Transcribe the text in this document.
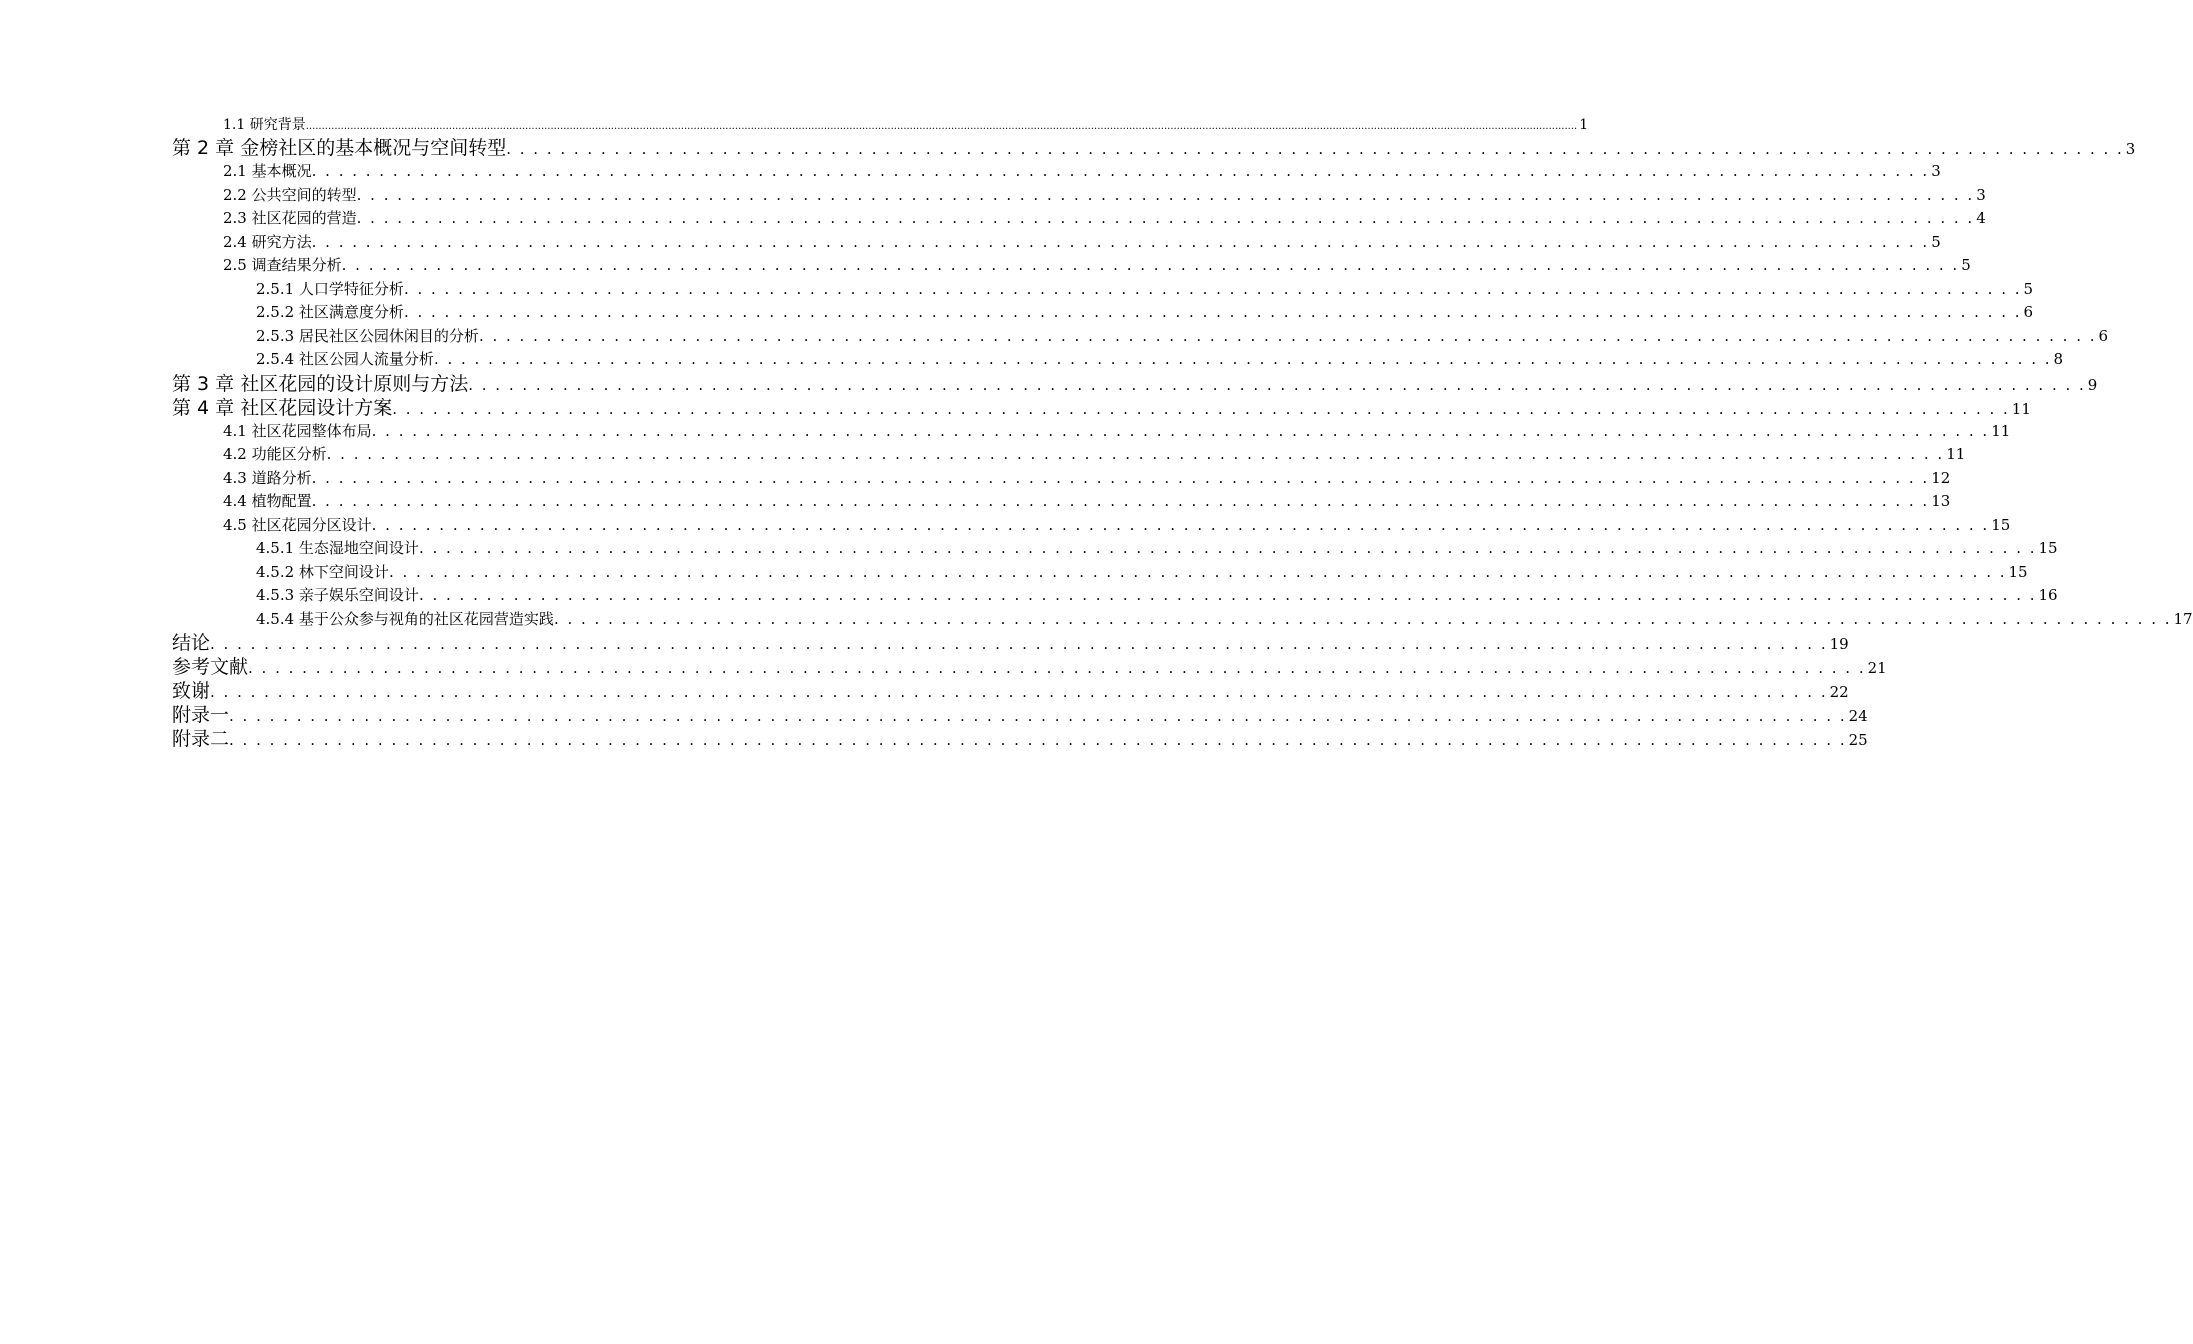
1.1 研究背景 ................................................................................................................................................................................................................................................................................................................................................................................................................ 1
第 2 章 金榜社区的基本概况与空间转型 . . . . . . . . . . . . . . . . . . . . . . . . . . . . . . . . . . . . . . . . . . . . . . . . . . . . . . . . . . . . . . . . . . . . . . . . . . . . . . . . . . . . . . . . . . . . . . . . . . . . . . . . . . . . . . . . . . . . . . . . 3
2.1 基本概况 . . . . . . . . . . . . . . . . . . . . . . . . . . . . . . . . . . . . . . . . . . . . . . . . . . . . . . . . . . . . . . . . . . . . . . . . . . . . . . . . . . . . . . . . . . . . . . . . . . . . . . . . . . . . . . . . . . . . . . . . 3
2.2 公共空间的转型 . . . . . . . . . . . . . . . . . . . . . . . . . . . . . . . . . . . . . . . . . . . . . . . . . . . . . . . . . . . . . . . . . . . . . . . . . . . . . . . . . . . . . . . . . . . . . . . . . . . . . . . . . . . . . . . . . . . . . . . . 3
2.3 社区花园的营造 . . . . . . . . . . . . . . . . . . . . . . . . . . . . . . . . . . . . . . . . . . . . . . . . . . . . . . . . . . . . . . . . . . . . . . . . . . . . . . . . . . . . . . . . . . . . . . . . . . . . . . . . . . . . . . . . . . . . . . . . 4
2.4 研究方法 . . . . . . . . . . . . . . . . . . . . . . . . . . . . . . . . . . . . . . . . . . . . . . . . . . . . . . . . . . . . . . . . . . . . . . . . . . . . . . . . . . . . . . . . . . . . . . . . . . . . . . . . . . . . . . . . . . . . . . . . 5
2.5 调查结果分析 . . . . . . . . . . . . . . . . . . . . . . . . . . . . . . . . . . . . . . . . . . . . . . . . . . . . . . . . . . . . . . . . . . . . . . . . . . . . . . . . . . . . . . . . . . . . . . . . . . . . . . . . . . . . . . . . . . . . . . . . 5
2.5.1 人口学特征分析 . . . . . . . . . . . . . . . . . . . . . . . . . . . . . . . . . . . . . . . . . . . . . . . . . . . . . . . . . . . . . . . . . . . . . . . . . . . . . . . . . . . . . . . . . . . . . . . . . . . . . . . . . . . . . . . . . . . . . . . . 5
2.5.2 社区满意度分析 . . . . . . . . . . . . . . . . . . . . . . . . . . . . . . . . . . . . . . . . . . . . . . . . . . . . . . . . . . . . . . . . . . . . . . . . . . . . . . . . . . . . . . . . . . . . . . . . . . . . . . . . . . . . . . . . . . . . . . . . 6
2.5.3 居民社区公园休闲目的分析 . . . . . . . . . . . . . . . . . . . . . . . . . . . . . . . . . . . . . . . . . . . . . . . . . . . . . . . . . . . . . . . . . . . . . . . . . . . . . . . . . . . . . . . . . . . . . . . . . . . . . . . . . . . . . . . . . . . . . . . . 6
2.5.4 社区公园人流量分析 . . . . . . . . . . . . . . . . . . . . . . . . . . . . . . . . . . . . . . . . . . . . . . . . . . . . . . . . . . . . . . . . . . . . . . . . . . . . . . . . . . . . . . . . . . . . . . . . . . . . . . . . . . . . . . . . . . . . . . . . 8
第 3 章 社区花园的设计原则与方法 . . . . . . . . . . . . . . . . . . . . . . . . . . . . . . . . . . . . . . . . . . . . . . . . . . . . . . . . . . . . . . . . . . . . . . . . . . . . . . . . . . . . . . . . . . . . . . . . . . . . . . . . . . . . . . . . . . . . . . . . 9
第 4 章 社区花园设计方案 . . . . . . . . . . . . . . . . . . . . . . . . . . . . . . . . . . . . . . . . . . . . . . . . . . . . . . . . . . . . . . . . . . . . . . . . . . . . . . . . . . . . . . . . . . . . . . . . . . . . . . . . . . . . . . . . . . . . . . . . 11
4.1 社区花园整体布局 . . . . . . . . . . . . . . . . . . . . . . . . . . . . . . . . . . . . . . . . . . . . . . . . . . . . . . . . . . . . . . . . . . . . . . . . . . . . . . . . . . . . . . . . . . . . . . . . . . . . . . . . . . . . . . . . . . . . . . . . 11
4.2 功能区分析 . . . . . . . . . . . . . . . . . . . . . . . . . . . . . . . . . . . . . . . . . . . . . . . . . . . . . . . . . . . . . . . . . . . . . . . . . . . . . . . . . . . . . . . . . . . . . . . . . . . . . . . . . . . . . . . . . . . . . . . . 11
4.3 道路分析 . . . . . . . . . . . . . . . . . . . . . . . . . . . . . . . . . . . . . . . . . . . . . . . . . . . . . . . . . . . . . . . . . . . . . . . . . . . . . . . . . . . . . . . . . . . . . . . . . . . . . . . . . . . . . . . . . . . . . . . . 12
4.4 植物配置 . . . . . . . . . . . . . . . . . . . . . . . . . . . . . . . . . . . . . . . . . . . . . . . . . . . . . . . . . . . . . . . . . . . . . . . . . . . . . . . . . . . . . . . . . . . . . . . . . . . . . . . . . . . . . . . . . . . . . . . . 13
4.5 社区花园分区设计 . . . . . . . . . . . . . . . . . . . . . . . . . . . . . . . . . . . . . . . . . . . . . . . . . . . . . . . . . . . . . . . . . . . . . . . . . . . . . . . . . . . . . . . . . . . . . . . . . . . . . . . . . . . . . . . . . . . . . . . . 15
4.5.1 生态湿地空间设计 . . . . . . . . . . . . . . . . . . . . . . . . . . . . . . . . . . . . . . . . . . . . . . . . . . . . . . . . . . . . . . . . . . . . . . . . . . . . . . . . . . . . . . . . . . . . . . . . . . . . . . . . . . . . . . . . . . . . . . . . 15
4.5.2 林下空间设计 . . . . . . . . . . . . . . . . . . . . . . . . . . . . . . . . . . . . . . . . . . . . . . . . . . . . . . . . . . . . . . . . . . . . . . . . . . . . . . . . . . . . . . . . . . . . . . . . . . . . . . . . . . . . . . . . . . . . . . . . 15
4.5.3 亲子娱乐空间设计 . . . . . . . . . . . . . . . . . . . . . . . . . . . . . . . . . . . . . . . . . . . . . . . . . . . . . . . . . . . . . . . . . . . . . . . . . . . . . . . . . . . . . . . . . . . . . . . . . . . . . . . . . . . . . . . . . . . . . . . . 16
4.5.4 基于公众参与视角的社区花园营造实践 . . . . . . . . . . . . . . . . . . . . . . . . . . . . . . . . . . . . . . . . . . . . . . . . . . . . . . . . . . . . . . . . . . . . . . . . . . . . . . . . . . . . . . . . . . . . . . . . . . . . . . . . . . . . . . . . . . . . . . . . 17
结论 . . . . . . . . . . . . . . . . . . . . . . . . . . . . . . . . . . . . . . . . . . . . . . . . . . . . . . . . . . . . . . . . . . . . . . . . . . . . . . . . . . . . . . . . . . . . . . . . . . . . . . . . . . . . . . . . . . . . . . . . 19
参考文献 . . . . . . . . . . . . . . . . . . . . . . . . . . . . . . . . . . . . . . . . . . . . . . . . . . . . . . . . . . . . . . . . . . . . . . . . . . . . . . . . . . . . . . . . . . . . . . . . . . . . . . . . . . . . . . . . . . . . . . . . 21
致谢 . . . . . . . . . . . . . . . . . . . . . . . . . . . . . . . . . . . . . . . . . . . . . . . . . . . . . . . . . . . . . . . . . . . . . . . . . . . . . . . . . . . . . . . . . . . . . . . . . . . . . . . . . . . . . . . . . . . . . . . . 22
附录一 . . . . . . . . . . . . . . . . . . . . . . . . . . . . . . . . . . . . . . . . . . . . . . . . . . . . . . . . . . . . . . . . . . . . . . . . . . . . . . . . . . . . . . . . . . . . . . . . . . . . . . . . . . . . . . . . . . . . . . . . 24
附录二 . . . . . . . . . . . . . . . . . . . . . . . . . . . . . . . . . . . . . . . . . . . . . . . . . . . . . . . . . . . . . . . . . . . . . . . . . . . . . . . . . . . . . . . . . . . . . . . . . . . . . . . . . . . . . . . . . . . . . . . . 25
